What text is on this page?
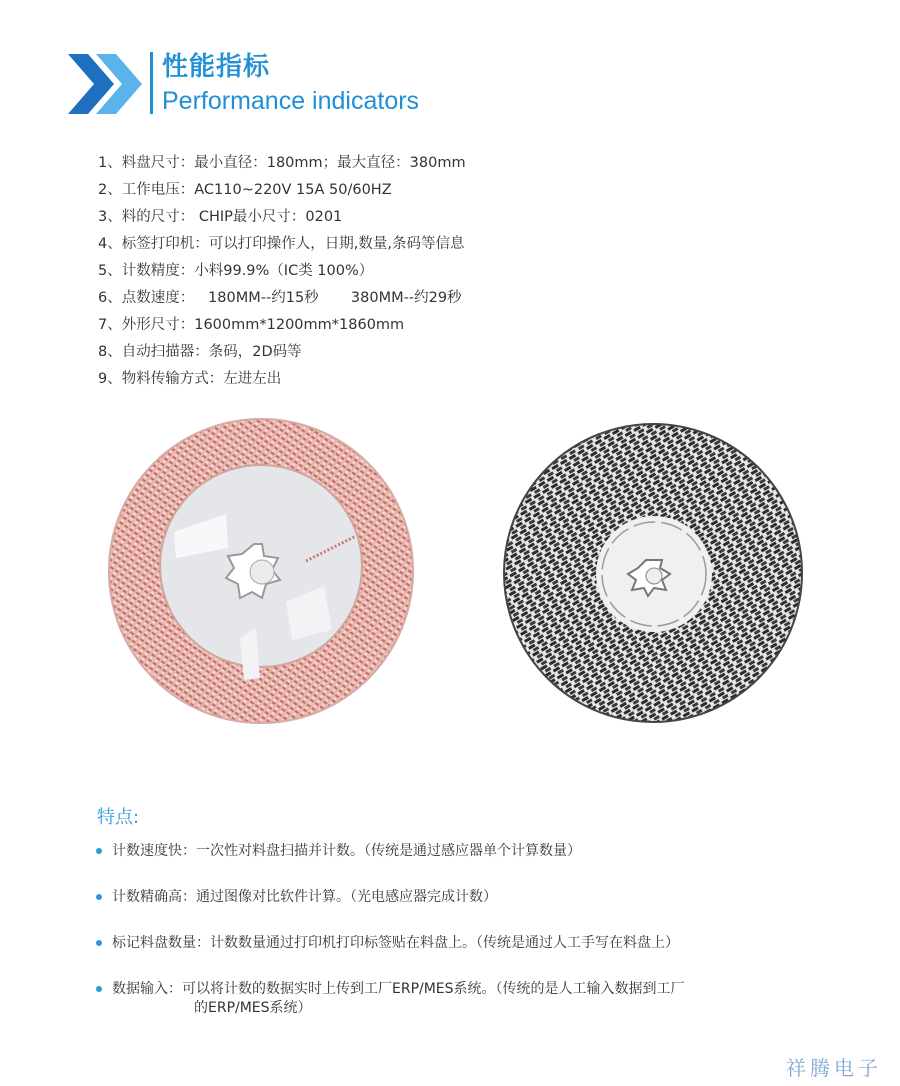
性能指标
Performance indicators
1、料盘尺寸：最小直径：180mm；最大直径：380mm
2、工作电压：AC110~220V 15A 50/60HZ
3、料的尺寸： CHIP最小尺寸：0201
4、标签打印机：可以打印操作人，日期,数量,条码等信息
5、计数精度：小料99.9%（IC类 100%）
6、点数速度：   180MM--约15秒       380MM--约29秒
7、外形尺寸：1600mm*1200mm*1860mm
8、自动扫描器：条码，2D码等
9、物料传输方式：左进左出
特点:
计数速度快：一次性对料盘扫描并计数。（传统是通过感应器单个计算数量）
计数精确高：通过图像对比软件计算。（光电感应器完成计数）
标记料盘数量：计数数量通过打印机打印标签贴在料盘上。（传统是通过人工手写在料盘上）
数据输入：可以将计数的数据实时上传到工厂ERP/MES系统。（传统的是人工输入数据到工厂
的ERP/MES系统）
祥腾电子
